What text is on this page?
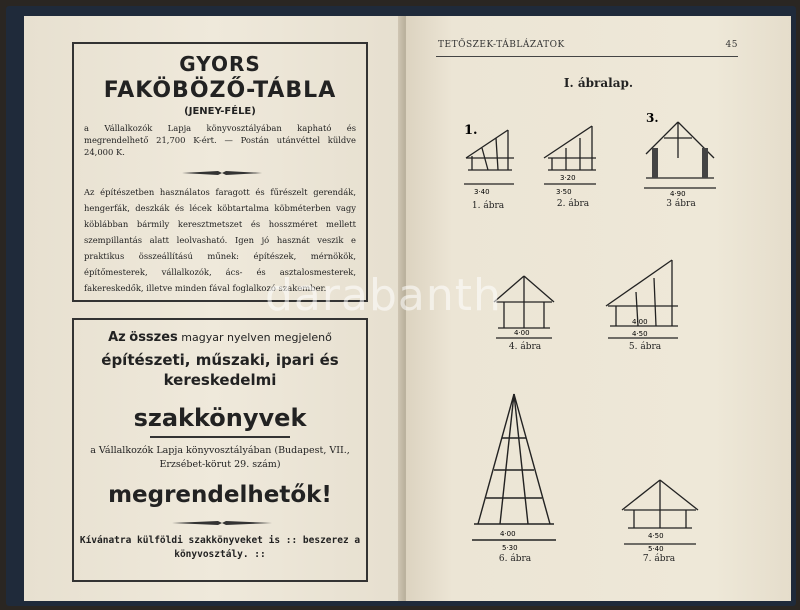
GYORS
FAKÖBÖZŐ-TÁBLA
(JENEY-FÉLE)
a Vállalkozók Lapja könyvosztályában kapható és megrendelhető 21,700 K-ért. — Postán utánvéttel küldve 24,000 K.
Az építészetben használatos faragott és fűrészelt gerendák, hengerfák, deszkák és lécek köbtartalma köbméterben vagy köblábban bármily keresztmetszet és hosszméret mellett szempillantás alatt leolvasható. Igen jó hasznát veszik e praktikus összeállítású műnek: építészek, mérnökök, építőmesterek, vállalkozók, ács- és asztalosmesterek, fakereskedők, illetve minden fával foglalkozó szakember.
Az összes magyar nyelven megjelenő
építészeti, műszaki, ipari és kereskedelmi
szakkönyvek
a Vállalkozók Lapja könyvosztályában (Budapest, VII., Erzsébet-körut 29. szám)
megrendelhetők!
Kívánatra külföldi szakkönyveket is :: beszerez a könyvosztály. ::
TETŐSZEK-TÁBLÁZATOK	45
I. ábralap.
1.
3·40
3·20
3·50
3.
4·90
1. ábra	2. ábra	3 ábra
4·00
4·00
4·50
4. ábra	5. ábra
4·00
5·30
4·50
5·40
6. ábra	7. ábra
darabanth
